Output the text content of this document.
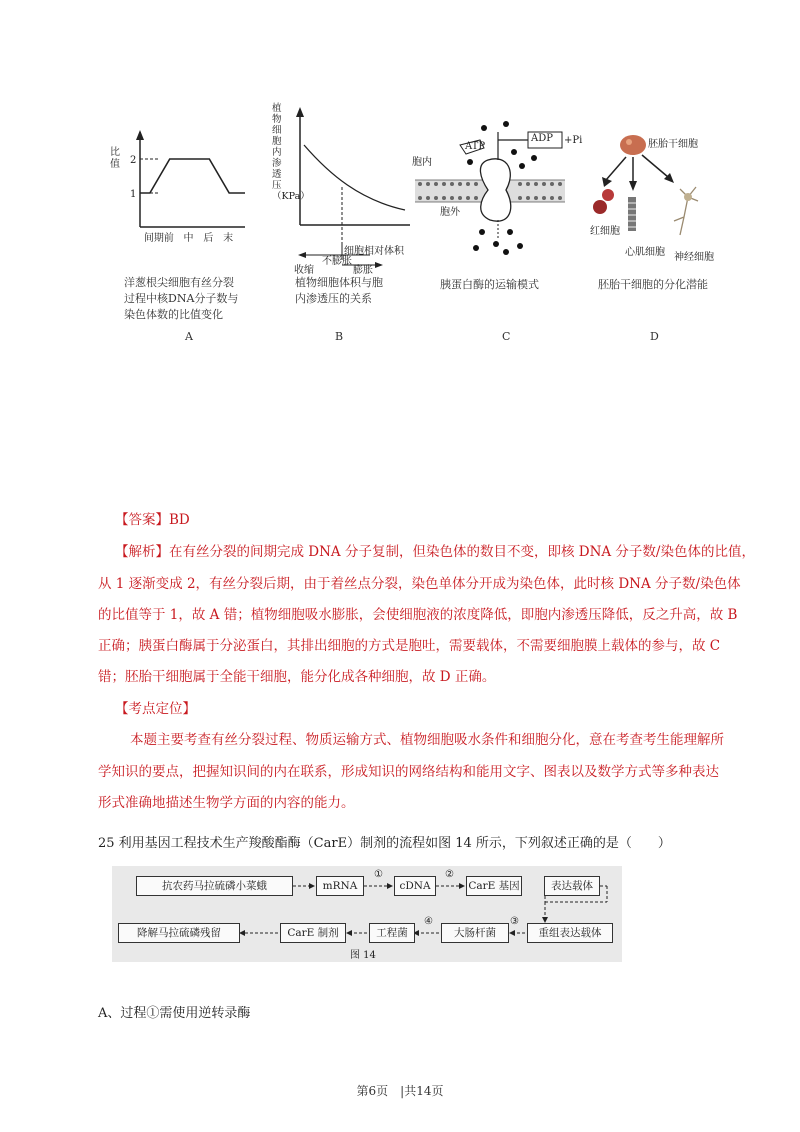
1
2
间期 前 中 后 末
比值
洋葱根尖细胞有丝分裂
过程中核DNA分子数与
染色体数的比值变化
A
植物细胞内渗透压（KPa）
细胞相对体积
收缩
不膨胀
膨胀
植物细胞体积与胞
内渗透压的关系
B
ATP
ADP +Pi
胞内
胞外
胰蛋白酶的运输模式
C
胚胎干细胞
红细胞
心肌细胞 神经细胞
胚胎干细胞的分化潜能
D
【答案】BD
【解析】在有丝分裂的间期完成 DNA 分子复制，但染色体的数目不变，即核 DNA 分子数/染色体的比值，
从 1 逐渐变成 2，有丝分裂后期，由于着丝点分裂，染色单体分开成为染色体，此时核 DNA 分子数/染色体
的比值等于 1，故 A 错；植物细胞吸水膨胀，会使细胞液的浓度降低，即胞内渗透压降低，反之升高，故 B
正确；胰蛋白酶属于分泌蛋白，其排出细胞的方式是胞吐，需要载体，不需要细胞膜上载体的参与，故 C
错；胚胎干细胞属于全能干细胞，能分化成各种细胞，故 D 正确。
【考点定位】
本题主要考查有丝分裂过程、物质运输方式、植物细胞吸水条件和细胞分化，意在考查考生能理解所
学知识的要点，把握知识间的内在联系，形成知识的网络结构和能用文字、图表以及数学方式等多种表达
形式准确地描述生物学方面的内容的能力。
25 利用基因工程技术生产羧酸酯酶（CarE）制剂的流程如图 14 所示，下列叙述正确的是（　　）
抗农药马拉硫磷小菜蛾	mRNA	cDNA	CarE 基因	表达载体
重组表达载体
大肠杆菌
工程菌
CarE 制剂
降解马拉硫磷残留
①	②
③
④
图 14
A、过程①需使用逆转录酶
第6页　|共14页
